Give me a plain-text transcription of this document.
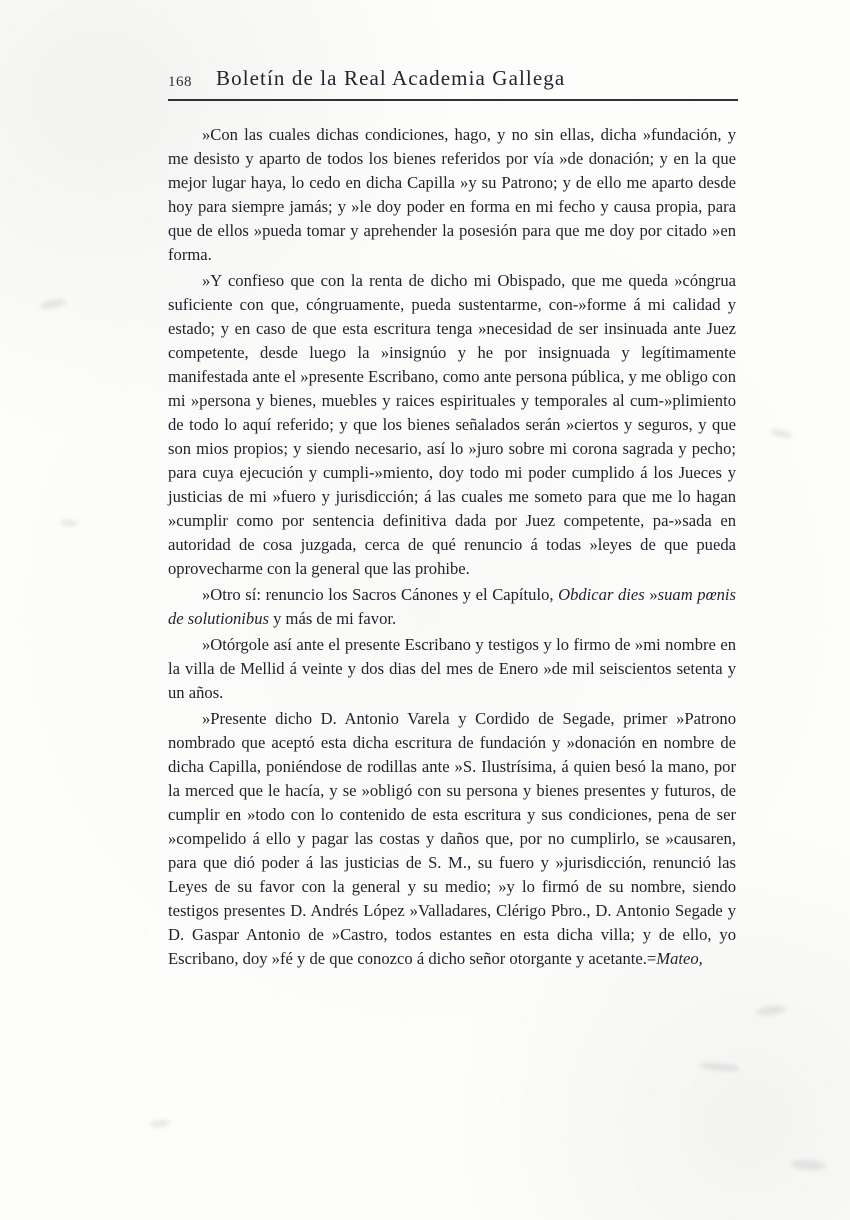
168 Boletín de la Real Academia Gallega

»Con las cuales dichas condiciones, hago, y no sin ellas, dicha »fundación, y me desisto y aparto de todos los bienes referidos por vía »de donación; y en la que mejor lugar haya, lo cedo en dicha Capilla »y su Patrono; y de ello me aparto desde hoy para siempre jamás; y »le doy poder en forma en mi fecho y causa propia, para que de ellos »pueda tomar y aprehender la posesión para que me doy por citado »en forma.

»Y confieso que con la renta de dicho mi Obispado, que me queda »cóngrua suficiente con que, cóngruamente, pueda sustentarme, con-»forme á mi calidad y estado; y en caso de que esta escritura tenga »necesidad de ser insinuada ante Juez competente, desde luego la »insignúo y he por insignuada y legítimamente manifestada ante el »presente Escribano, como ante persona pública, y me obligo con mi »persona y bienes, muebles y raices espirituales y temporales al cum-»plimiento de todo lo aquí referido; y que los bienes señalados serán »ciertos y seguros, y que son mios propios; y siendo necesario, así lo »juro sobre mi corona sagrada y pecho; para cuya ejecución y cumpli-»miento, doy todo mi poder cumplido á los Jueces y justicias de mi »fuero y jurisdicción; á las cuales me someto para que me lo hagan »cumplir como por sentencia definitiva dada por Juez competente, pa-»sada en autoridad de cosa juzgada, cerca de qué renuncio á todas »leyes de que pueda oprovecharme con la general que las prohibe.

»Otro sí: renuncio los Sacros Cánones y el Capítulo, Obdicar dies »suam pœnis de solutionibus y más de mi favor.

»Otórgole así ante el presente Escribano y testigos y lo firmo de »mi nombre en la villa de Mellid á veinte y dos dias del mes de Enero »de mil seiscientos setenta y un años.

»Presente dicho D. Antonio Varela y Cordido de Segade, primer »Patrono nombrado que aceptó esta dicha escritura de fundación y »donación en nombre de dicha Capilla, poniéndose de rodillas ante »S. Ilustrísima, á quien besó la mano, por la merced que le hacía, y se »obligó con su persona y bienes presentes y futuros, de cumplir en »todo con lo contenido de esta escritura y sus condiciones, pena de ser »compelido á ello y pagar las costas y daños que, por no cumplirlo, se »causaren, para que dió poder á las justicias de S. M., su fuero y »jurisdicción, renunció las Leyes de su favor con la general y su medio; »y lo firmó de su nombre, siendo testigos presentes D. Andrés López »Valladares, Clérigo Pbro., D. Antonio Segade y D. Gaspar Antonio de »Castro, todos estantes en esta dicha villa; y de ello, yo Escribano, doy »fé y de que conozco á dicho señor otorgante y acetante.=Mateo,
